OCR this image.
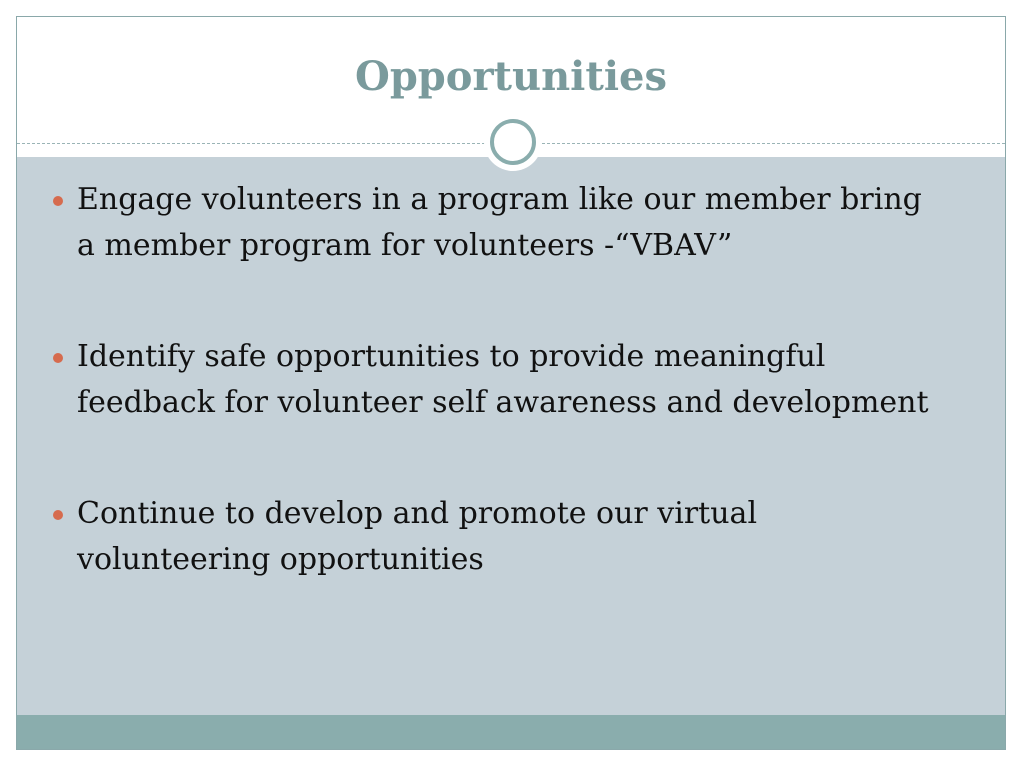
Opportunities
Engage volunteers in a program like our member bring a member program for volunteers -“VBAV”
Identify safe opportunities to provide meaningful feedback for volunteer self awareness and development
Continue to develop and promote our virtual volunteering opportunities
